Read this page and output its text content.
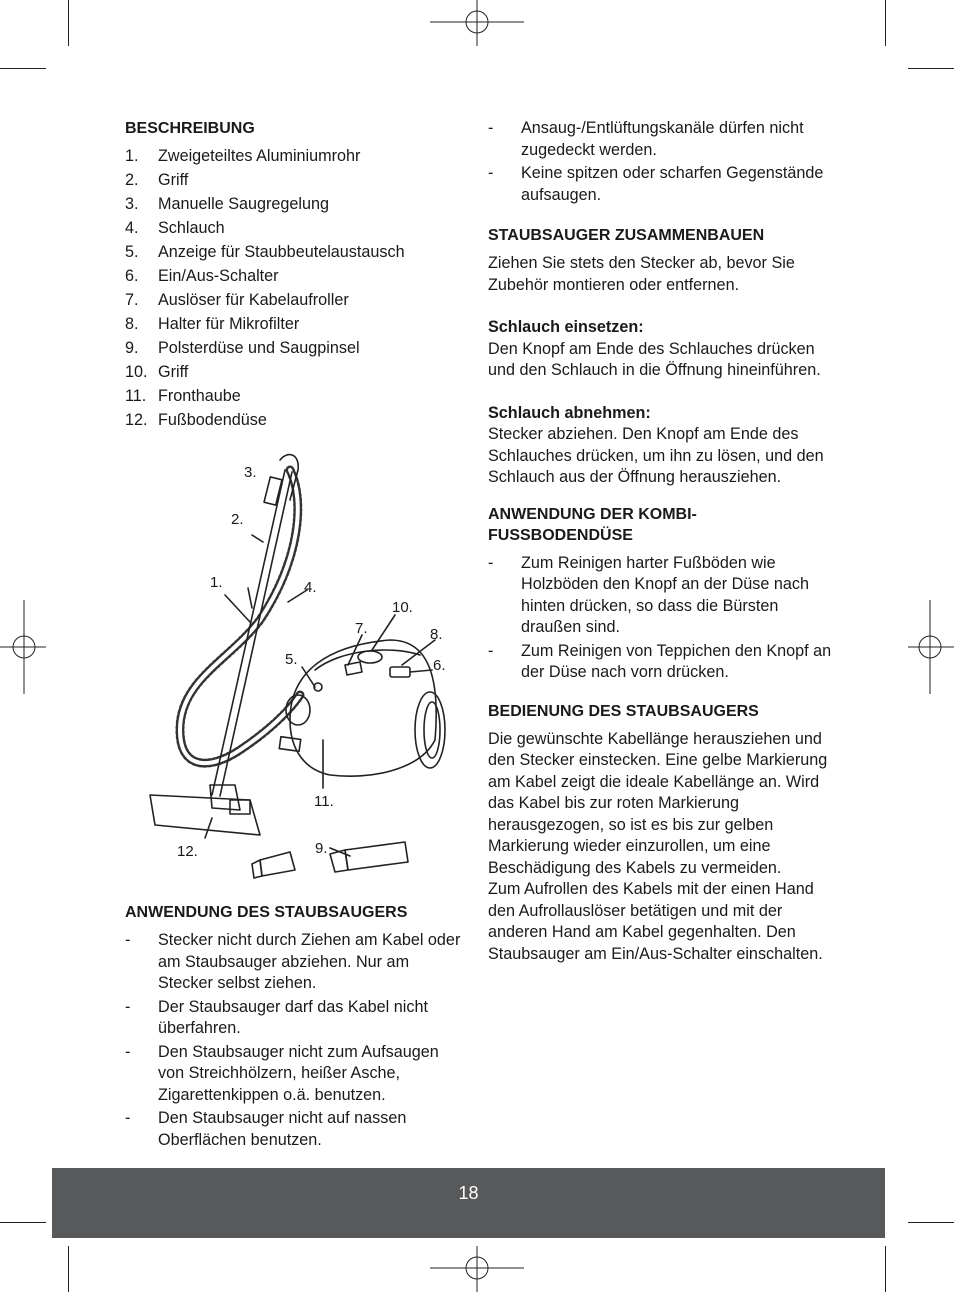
BESCHREIBUNG
1.	Zweigeteiltes Aluminiumrohr
2.	Griff
3.	Manuelle Saugregelung
4.	Schlauch
5.	Anzeige für Staubbeutelaustausch
6.	Ein/Aus-Schalter
7.	Auslöser für Kabelaufroller
8.	Halter für Mikrofilter
9.	Polsterdüse und Saugpinsel
10. Griff
11. Fronthaube
12. Fußbodendüse
3.
2.
1.	4.
10.
7.	8.
5.	6.
11.
9.
12.
ANWENDUNG DES STAUBSAUGERS
-	Stecker nicht durch Ziehen am Kabel oder am Staubsauger abziehen. Nur am Stecker selbst ziehen.
-	Der Staubsauger darf das Kabel nicht überfahren.
-	Den Staubsauger nicht zum Aufsaugen von Streichhölzern, heißer Asche, Zigarettenkippen o.ä. benutzen.
-	Den Staubsauger nicht auf nassen Oberflächen benutzen.
-	Ansaug-/Entlüftungskanäle dürfen nicht zugedeckt werden.
-	Keine spitzen oder scharfen Gegenstände aufsaugen.
STAUBSAUGER ZUSAMMENBAUEN

Ziehen Sie stets den Stecker ab, bevor Sie Zubehör montieren oder entfernen.

Schlauch einsetzen:

Den Knopf am Ende des Schlauches drücken und den Schlauch in die Öffnung hineinführen.

Schlauch abnehmen:

Stecker abziehen. Den Knopf am Ende des Schlauches drücken, um ihn zu lösen, und den Schlauch aus der Öffnung herausziehen.

ANWENDUNG DER KOMBI-FUSSBODENDÜSE
-	Zum Reinigen harter Fußböden wie Holzböden den Knopf an der Düse nach hinten drücken, so dass die Bürsten draußen sind.
-	Zum Reinigen von Teppichen den Knopf an der Düse nach vorn drücken.
BEDIENUNG DES STAUBSAUGERS

Die gewünschte Kabellänge herausziehen und den Stecker einstecken. Eine gelbe Markierung am Kabel zeigt die ideale Kabellänge an. Wird das Kabel bis zur roten Markierung herausgezogen, so ist es bis zur gelben Markierung wieder einzurollen, um eine Beschädigung des Kabels zu vermeiden.

Zum Aufrollen des Kabels mit der einen Hand den Aufrollauslöser betätigen und mit der anderen Hand am Kabel gegenhalten. Den Staubsauger am Ein/Aus-Schalter einschalten.

18
